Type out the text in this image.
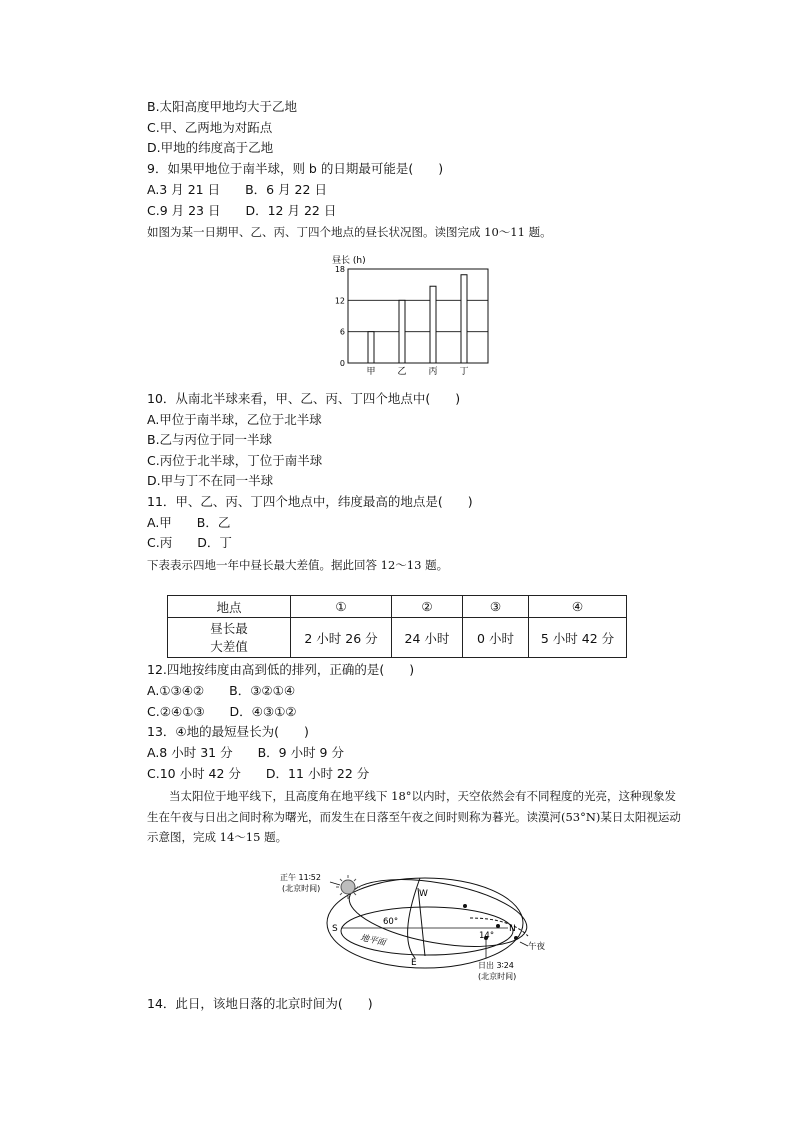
B.太阳高度甲地均大于乙地
C.甲、乙两地为对跖点
D.甲地的纬度高于乙地
9．如果甲地位于南半球，则 b 的日期最可能是(　　)
A.3 月 21 日　　B．6 月 22 日
C.9 月 23 日　　D．12 月 22 日
如图为某一日期甲、乙、丙、丁四个地点的昼长状况图。读图完成 10～11 题。
昼长 (h)
0
6
12
18
甲 乙 丙 丁
10．从南北半球来看，甲、乙、丙、丁四个地点中(　　)
A.甲位于南半球，乙位于北半球
B.乙与丙位于同一半球
C.丙位于北半球，丁位于南半球
D.甲与丁不在同一半球
11．甲、乙、丙、丁四个地点中，纬度最高的地点是(　　)
A.甲　　B．乙
C.丙　　D．丁
下表表示四地一年中昼长最大差值。据此回答 12～13 题。
地点	①	②	③	④

昼长最
大差值	2 小时 26 分	24 小时	0 小时	5 小时 42 分
12.四地按纬度由高到低的排列，正确的是(　　)
A.①③④②　　B．③②①④
C.②④①③　　D．④③①②
13．④地的最短昼长为(　　)
A.8 小时 31 分　　B．9 小时 9 分
C.10 小时 42 分　　D．11 小时 22 分
当太阳位于地平线下，且高度角在地平线下 18°以内时，天空依然会有不同程度的光亮，这种现象发生在午夜与日出之间时称为曙光，而发生在日落至午夜之间时则称为暮光。读漠河(53°N)某日太阳视运动示意图，完成 14～15 题。
正午 11∶52
(北京时间)
W
S	N
E
60°
14°
地平面	午夜
日出 3∶24
(北京时间)
14．此日，该地日落的北京时间为(　　)
